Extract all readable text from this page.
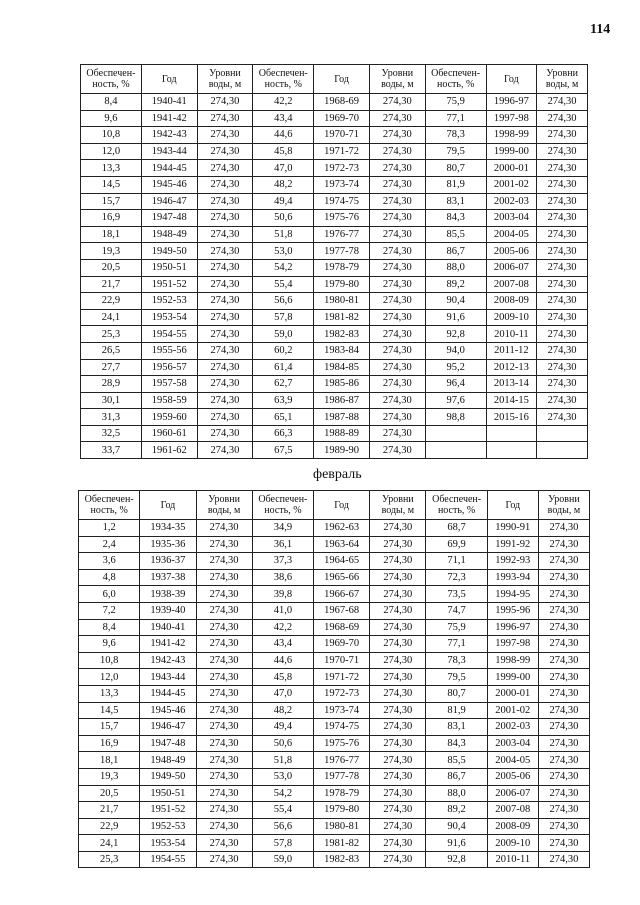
114
Обеспечен-ность, %	Год	Уровни воды, м	Обеспечен-ность, %	Год	Уровни воды, м	Обеспечен-ность, %	Год	Уровни воды, м
8,4	1940-41	274,30	42,2	1968-69	274,30	75,9	1996-97	274,30
9,6	1941-42	274,30	43,4	1969-70	274,30	77,1	1997-98	274,30
10,8	1942-43	274,30	44,6	1970-71	274,30	78,3	1998-99	274,30
12,0	1943-44	274,30	45,8	1971-72	274,30	79,5	1999-00	274,30
13,3	1944-45	274,30	47,0	1972-73	274,30	80,7	2000-01	274,30
14,5	1945-46	274,30	48,2	1973-74	274,30	81,9	2001-02	274,30
15,7	1946-47	274,30	49,4	1974-75	274,30	83,1	2002-03	274,30
16,9	1947-48	274,30	50,6	1975-76	274,30	84,3	2003-04	274,30
18,1	1948-49	274,30	51,8	1976-77	274,30	85,5	2004-05	274,30
19,3	1949-50	274,30	53,0	1977-78	274,30	86,7	2005-06	274,30
20,5	1950-51	274,30	54,2	1978-79	274,30	88,0	2006-07	274,30
21,7	1951-52	274,30	55,4	1979-80	274,30	89,2	2007-08	274,30
22,9	1952-53	274,30	56,6	1980-81	274,30	90,4	2008-09	274,30
24,1	1953-54	274,30	57,8	1981-82	274,30	91,6	2009-10	274,30
25,3	1954-55	274,30	59,0	1982-83	274,30	92,8	2010-11	274,30
26,5	1955-56	274,30	60,2	1983-84	274,30	94,0	2011-12	274,30
27,7	1956-57	274,30	61,4	1984-85	274,30	95,2	2012-13	274,30
28,9	1957-58	274,30	62,7	1985-86	274,30	96,4	2013-14	274,30
30,1	1958-59	274,30	63,9	1986-87	274,30	97,6	2014-15	274,30
31,3	1959-60	274,30	65,1	1987-88	274,30	98,8	2015-16	274,30
32,5	1960-61	274,30	66,3	1988-89	274,30			
33,7	1961-62	274,30	67,5	1989-90	274,30			
февраль
Обеспечен-ность, %	Год	Уровни воды, м	Обеспечен-ность, %	Год	Уровни воды, м	Обеспечен-ность, %	Год	Уровни воды, м
1,2	1934-35	274,30	34,9	1962-63	274,30	68,7	1990-91	274,30
2,4	1935-36	274,30	36,1	1963-64	274,30	69,9	1991-92	274,30
3,6	1936-37	274,30	37,3	1964-65	274,30	71,1	1992-93	274,30
4,8	1937-38	274,30	38,6	1965-66	274,30	72,3	1993-94	274,30
6,0	1938-39	274,30	39,8	1966-67	274,30	73,5	1994-95	274,30
7,2	1939-40	274,30	41,0	1967-68	274,30	74,7	1995-96	274,30
8,4	1940-41	274,30	42,2	1968-69	274,30	75,9	1996-97	274,30
9,6	1941-42	274,30	43,4	1969-70	274,30	77,1	1997-98	274,30
10,8	1942-43	274,30	44,6	1970-71	274,30	78,3	1998-99	274,30
12,0	1943-44	274,30	45,8	1971-72	274,30	79,5	1999-00	274,30
13,3	1944-45	274,30	47,0	1972-73	274,30	80,7	2000-01	274,30
14,5	1945-46	274,30	48,2	1973-74	274,30	81,9	2001-02	274,30
15,7	1946-47	274,30	49,4	1974-75	274,30	83,1	2002-03	274,30
16,9	1947-48	274,30	50,6	1975-76	274,30	84,3	2003-04	274,30
18,1	1948-49	274,30	51,8	1976-77	274,30	85,5	2004-05	274,30
19,3	1949-50	274,30	53,0	1977-78	274,30	86,7	2005-06	274,30
20,5	1950-51	274,30	54,2	1978-79	274,30	88,0	2006-07	274,30
21,7	1951-52	274,30	55,4	1979-80	274,30	89,2	2007-08	274,30
22,9	1952-53	274,30	56,6	1980-81	274,30	90,4	2008-09	274,30
24,1	1953-54	274,30	57,8	1981-82	274,30	91,6	2009-10	274,30
25,3	1954-55	274,30	59,0	1982-83	274,30	92,8	2010-11	274,30
